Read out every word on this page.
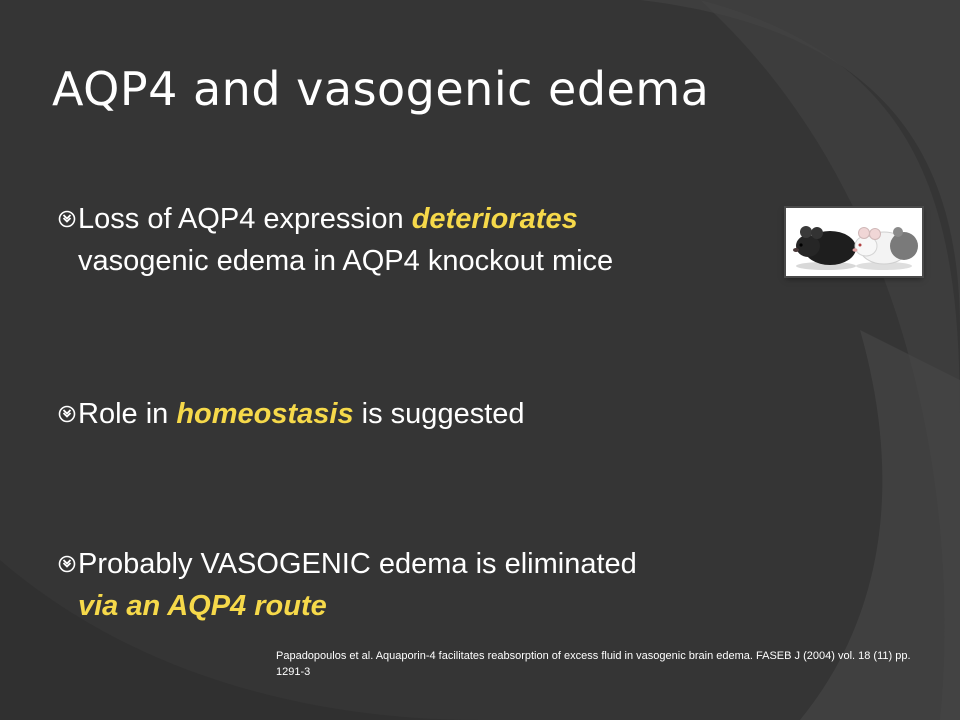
AQP4 and vasogenic edema

Loss of AQP4 expression deteriorates
vasogenic edema in AQP4 knockout mice

Role in homeostasis is suggested

Probably VASOGENIC edema is eliminated
via an AQP4 route

Papadopoulos et al. Aquaporin-4 facilitates reabsorption of excess fluid in vasogenic brain edema. FASEB J (2004) vol. 18 (11) pp. 1291-3
